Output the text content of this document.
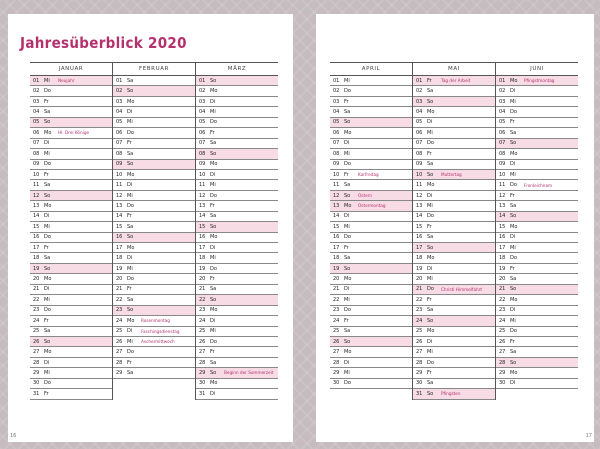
Jahresüberblick 2020
JANUAR
01 Mi	Neujahr
02 Do
03 Fr
04 Sa
05 So
06 Mo	Hl. Drei Könige
07 Di
08 Mi
09 Do
10 Fr
11 Sa
12 So
13 Mo
14 Di
15 Mi
16 Do
17 Fr
18 Sa
19 So
20 Mo
21 Di
22 Mi
23 Do
24 Fr
25 Sa
26 So
27 Mo
28 Di
29 Mi
30 Do
31 Fr
FEBRUAR
01 Sa
02 So
03 Mo
04 Di
05 Mi
06 Do
07 Fr
08 Sa
09 So
10 Mo
11 Di
12 Mi
13 Do
14 Fr
15 Sa
16 So
17 Mo
18 Di
19 Mi
20 Do
21 Fr
22 Sa
23 So
24 Mo	Rosenmontag
25 Di	Faschingsdienstag
26 Mi	Aschermittwoch
27 Do
28 Fr
29 Sa
MÄRZ
01 So
02 Mo
03 Di
04 Mi
05 Do
06 Fr
07 Sa
08 So
09 Mo
10 Di
11 Mi
12 Do
13 Fr
14 Sa
15 So
16 Mo
17 Di
18 Mi
19 Do
20 Fr
21 Sa
22 So
23 Mo
24 Di
25 Mi
26 Do
27 Fr
28 Sa
29 So	Beginn der Sommerzeit
30 Mo
31 Di
16
APRIL
01 Mi
02 Do
03 Fr
04 Sa
05 So
06 Mo
07 Di
08 Mi
09 Do
10 Fr	Karfreitag
11 Sa
12 So	Ostern
13 Mo	Ostermontag
14 Di
15 Mi
16 Do
17 Fr
18 Sa
19 So
20 Mo
21 Di
22 Mi
23 Do
24 Fr
25 Sa
26 So
27 Mo
28 Di
29 Mi
30 Do
MAI
01 Fr	Tag der Arbeit
02 Sa
03 So
04 Mo
05 Di
06 Mi
07 Do
08 Fr
09 Sa
10 So	Muttertag
11 Mo
12 Di
13 Mi
14 Do
15 Fr
16 Sa
17 So
18 Mo
19 Di
20 Mi
21 Do	Christi Himmelfahrt
22 Fr
23 Sa
24 So
25 Mo
26 Di
27 Mi
28 Do
29 Fr
30 Sa
31 So	Pfingsten
JUNI
01 Mo	Pfingstmontag
02 Di
03 Mi
04 Do
05 Fr
06 Sa
07 So
08 Mo
09 Di
10 Mi
11 Do	Fronleichnam
12 Fr
13 Sa
14 So
15 Mo
16 Di
17 Mi
18 Do
19 Fr
20 Sa
21 So
22 Mo
23 Di
24 Mi
25 Do
26 Fr
27 Sa
28 So
29 Mo
30 Di
17
